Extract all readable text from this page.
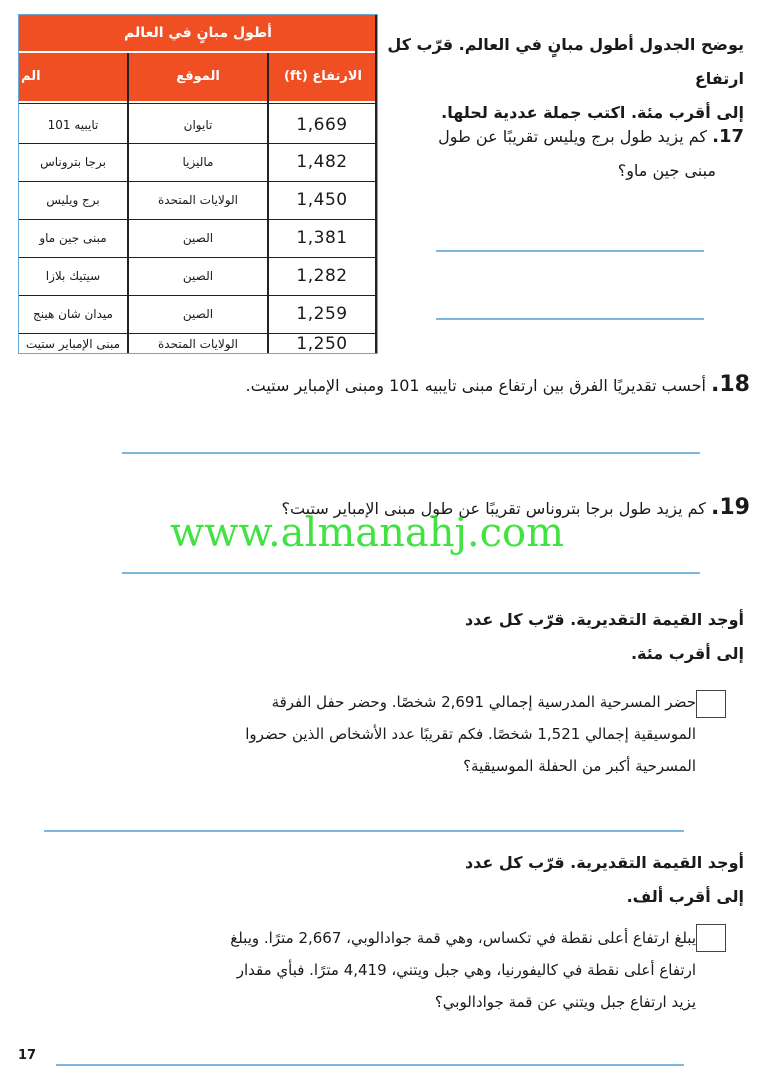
أطول مبانٍ في العالم
الارتفاع (ft)
الموقع
الم
1,669
تايوان
تايبيه 101
1,482
ماليزيا
برجا بتروناس
1,450
الولايات المتحدة
برج ويليس
1,381
الصين
مبنى جين ماو
1,282
الصين
سيتيك بلازا
1,259
الصين
ميدان شان هينج
1,250
الولايات المتحدة
مبنى الإمباير ستيت
يوضح الجدول أطول مبانٍ في العالم. قرّب كل ارتفاع
إلى أقرب مئة. اكتب جملة عددية لحلها.
17. كم يزيد طول برج ويليس تقريبًا عن طول
مبنى جين ماو؟
18. أحسب تقديريًا الفرق بين ارتفاع مبنى تايبيه 101 ومبنى الإمباير ستيت.
19. كم يزيد طول برجا بتروناس تقريبًا عن طول مبنى الإمباير ستيت؟
www.almanahj.com
أوجد القيمة التقديرية. قرّب كل عدد
إلى أقرب مئة.
حضر المسرحية المدرسية إجمالي 2,691 شخصًا. وحضر حفل الفرقة
الموسيقية إجمالي 1,521 شخصًا. فكم تقريبًا عدد الأشخاص الذين حضروا
المسرحية أكبر من الحفلة الموسيقية؟
أوجد القيمة التقديرية. قرّب كل عدد
إلى أقرب ألف.
يبلغ ارتفاع أعلى نقطة في تكساس، وهي قمة جوادالوبي، 2,667 مترًا. ويبلغ
ارتفاع أعلى نقطة في كاليفورنيا، وهي جبل ويتني، 4,419 مترًا. فبأي مقدار
يزيد ارتفاع جبل ويتني عن قمة جوادالوبي؟
17
